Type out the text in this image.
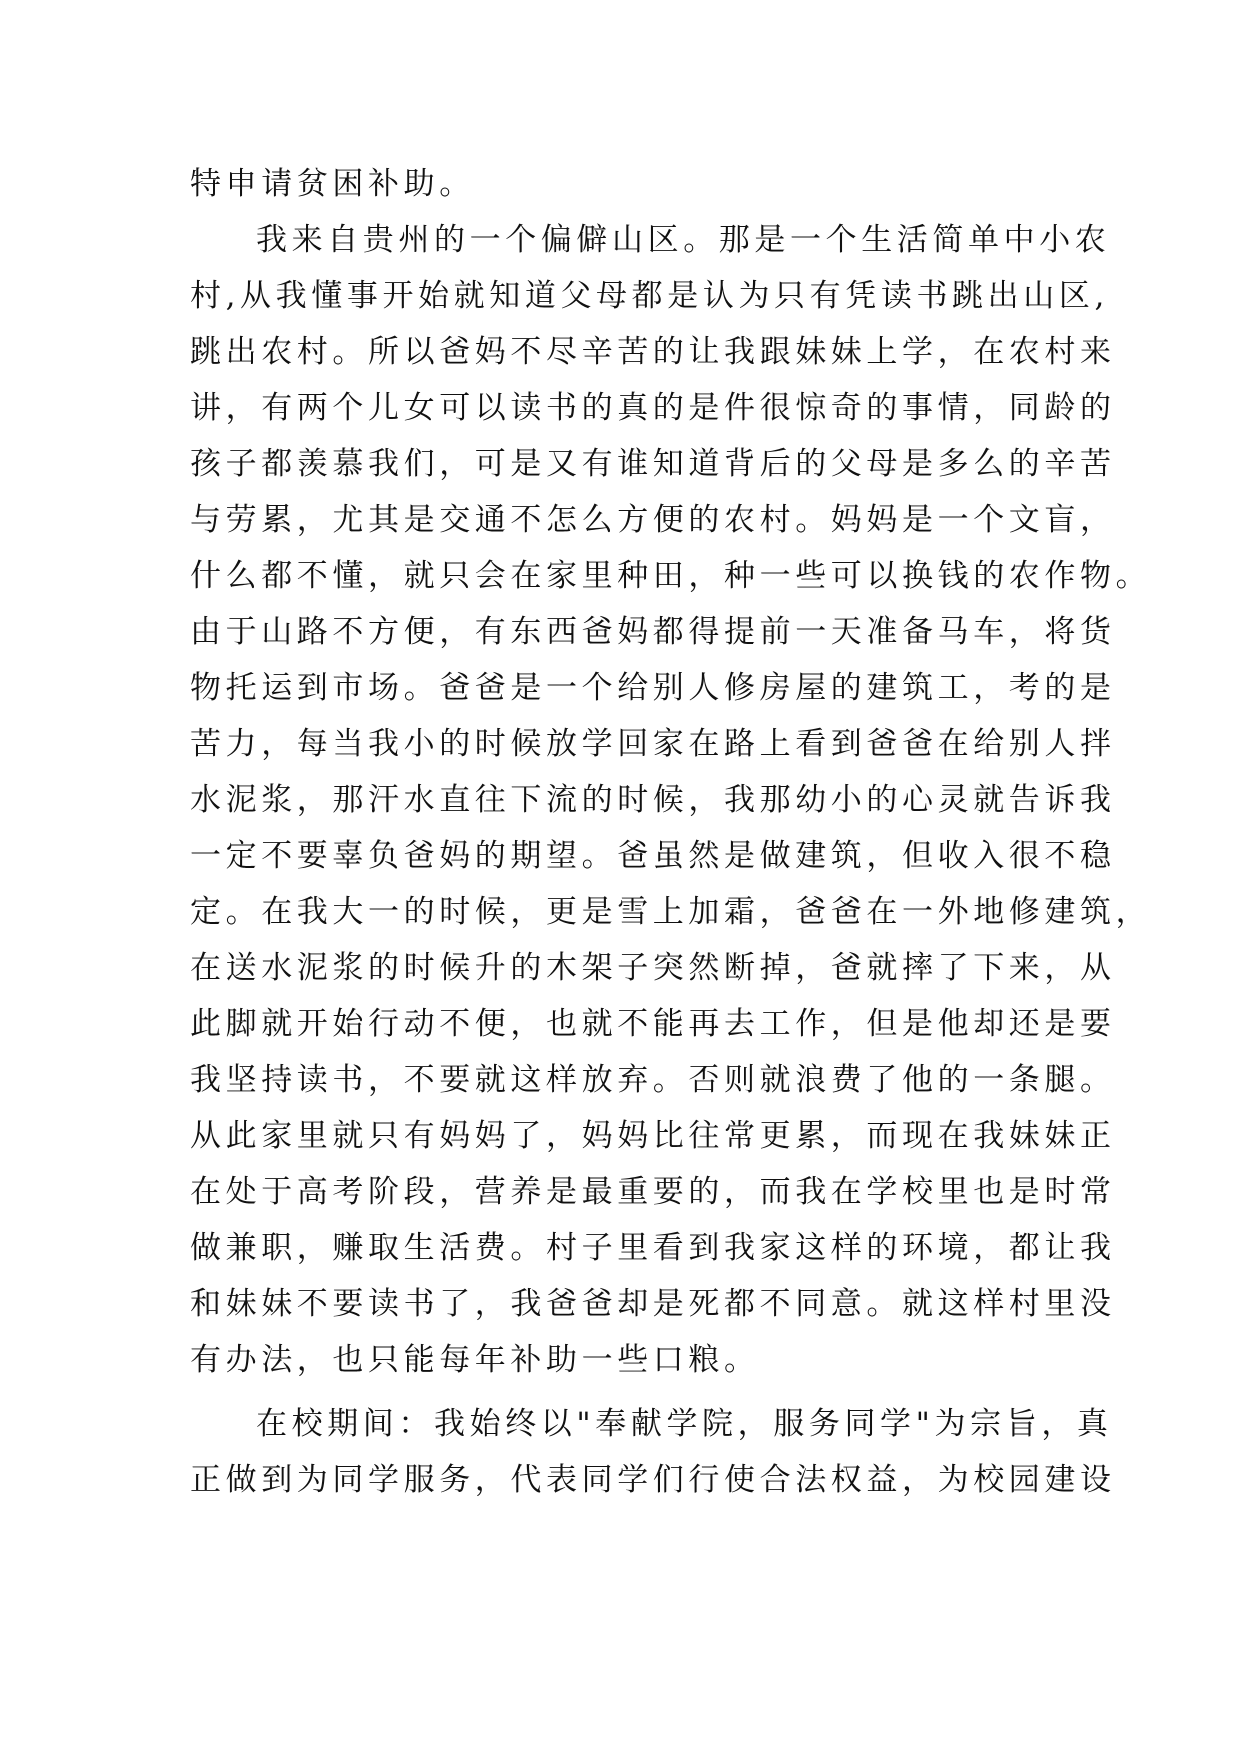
特申请贫困补助。
我来自贵州的一个偏僻山区。那是一个生活简单中小农
村,从我懂事开始就知道父母都是认为只有凭读书跳出山区,
跳出农村。所以爸妈不尽辛苦的让我跟妹妹上学，在农村来
讲，有两个儿女可以读书的真的是件很惊奇的事情，同龄的
孩子都羡慕我们，可是又有谁知道背后的父母是多么的辛苦
与劳累，尤其是交通不怎么方便的农村。妈妈是一个文盲，
什么都不懂，就只会在家里种田，种一些可以换钱的农作物。
由于山路不方便，有东西爸妈都得提前一天准备马车，将货
物托运到市场。爸爸是一个给别人修房屋的建筑工，考的是
苦力，每当我小的时候放学回家在路上看到爸爸在给别人拌
水泥浆，那汗水直往下流的时候，我那幼小的心灵就告诉我
一定不要辜负爸妈的期望。爸虽然是做建筑，但收入很不稳
定。在我大一的时候，更是雪上加霜，爸爸在一外地修建筑，
在送水泥浆的时候升的木架子突然断掉，爸就摔了下来，从
此脚就开始行动不便，也就不能再去工作，但是他却还是要
我坚持读书，不要就这样放弃。否则就浪费了他的一条腿。
从此家里就只有妈妈了，妈妈比往常更累，而现在我妹妹正
在处于高考阶段，营养是最重要的，而我在学校里也是时常
做兼职，赚取生活费。村子里看到我家这样的环境，都让我
和妹妹不要读书了，我爸爸却是死都不同意。就这样村里没
有办法，也只能每年补助一些口粮。
在校期间：我始终以"奉献学院，服务同学"为宗旨，真
正做到为同学服务，代表同学们行使合法权益，为校园建设
